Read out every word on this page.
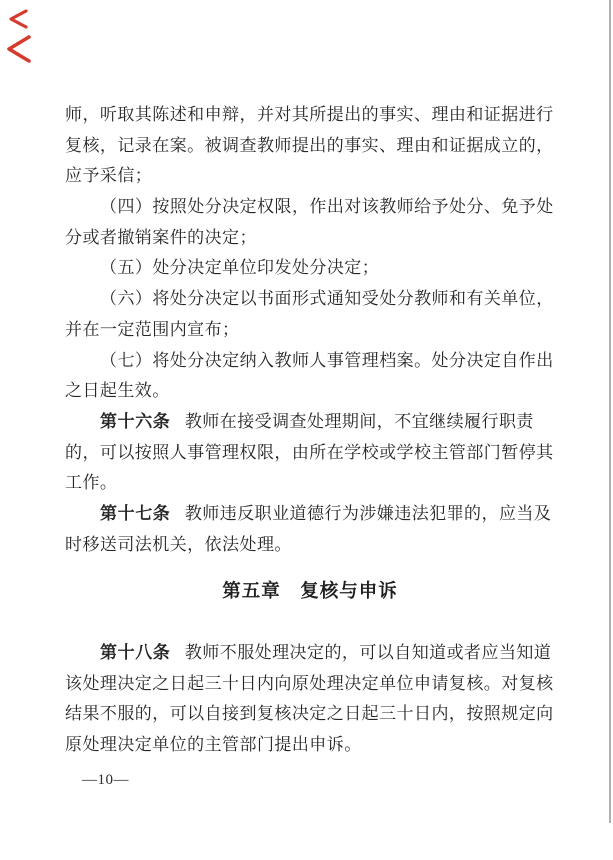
师，听取其陈述和申辩，并对其所提出的事实、理由和证据进行
复核，记录在案。被调查教师提出的事实、理由和证据成立的，
应予采信；
（四）按照处分决定权限，作出对该教师给予处分、免予处
分或者撤销案件的决定；
（五）处分决定单位印发处分决定；
（六）将处分决定以书面形式通知受处分教师和有关单位，
并在一定范围内宣布；
（七）将处分决定纳入教师人事管理档案。处分决定自作出
之日起生效。
第十六条 教师在接受调查处理期间，不宜继续履行职责
的，可以按照人事管理权限，由所在学校或学校主管部门暂停其
工作。
第十七条 教师违反职业道德行为涉嫌违法犯罪的，应当及
时移送司法机关，依法处理。
第五章　复核与申诉
第十八条 教师不服处理决定的，可以自知道或者应当知道
该处理决定之日起三十日内向原处理决定单位申请复核。对复核
结果不服的，可以自接到复核决定之日起三十日内，按照规定向
原处理决定单位的主管部门提出申诉。
—10—
